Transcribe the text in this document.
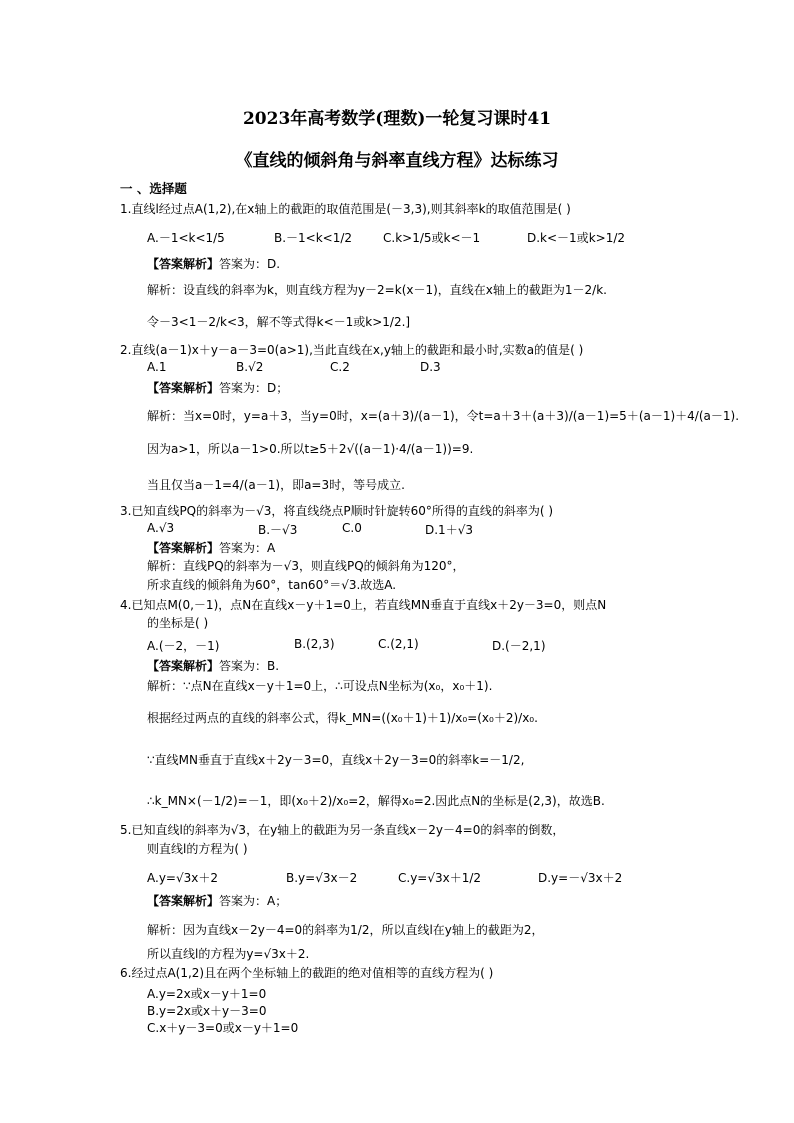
2023年高考数学(理数)一轮复习课时41
《直线的倾斜角与斜率直线方程》达标练习
一 、选择题
1.直线l经过点A(1,2),在x轴上的截距的取值范围是(－3,3),则其斜率k的取值范围是( )
A.－1<k<1/5	B.－1<k<1/2	C.k>1/5或k<－1	D.k<－1或k>1/2
【答案解析】答案为：D.
解析：设直线的斜率为k，则直线方程为y－2=k(x－1)，直线在x轴上的截距为1－2/k.
令－3<1－2/k<3，解不等式得k<－1或k>1/2.]
2.直线(a－1)x＋y－a－3=0(a>1),当此直线在x,y轴上的截距和最小时,实数a的值是( )
A.1	B.√2	C.2	D.3
【答案解析】答案为：D；
解析：当x=0时，y=a＋3，当y=0时，x=(a＋3)/(a－1)，令t=a＋3＋(a＋3)/(a－1)=5＋(a－1)＋4/(a－1).
因为a>1，所以a－1>0.所以t≥5＋2√((a－1)·4/(a－1))=9.
当且仅当a－1=4/(a－1)，即a=3时，等号成立.
3.已知直线PQ的斜率为－√3，将直线绕点P顺时针旋转60°所得的直线的斜率为( )
A.√3	B.－√3	C.0	D.1＋√3
【答案解析】答案为：A
解析：直线PQ的斜率为－√3，则直线PQ的倾斜角为120°，
所求直线的倾斜角为60°，tan60°＝√3.故选A.
4.已知点M(0,－1)，点N在直线x－y＋1=0上，若直线MN垂直于直线x＋2y－3=0，则点N
的坐标是( )
A.(－2，－1)	B.(2,3)	C.(2,1)	D.(－2,1)
【答案解析】答案为：B.
解析：∵点N在直线x－y＋1=0上，∴可设点N坐标为(x₀，x₀＋1).
根据经过两点的直线的斜率公式，得k_MN=((x₀＋1)＋1)/x₀=(x₀＋2)/x₀.
∵直线MN垂直于直线x＋2y－3=0，直线x＋2y－3=0的斜率k=－1/2,
∴k_MN×(－1/2)=－1，即(x₀＋2)/x₀=2，解得x₀=2.因此点N的坐标是(2,3)，故选B.
5.已知直线l的斜率为√3，在y轴上的截距为另一条直线x－2y－4=0的斜率的倒数，
则直线l的方程为( )
A.y=√3x＋2	B.y=√3x－2	C.y=√3x＋1/2	D.y=－√3x＋2
【答案解析】答案为：A；
解析：因为直线x－2y－4=0的斜率为1/2，所以直线l在y轴上的截距为2，
所以直线l的方程为y=√3x＋2.
6.经过点A(1,2)且在两个坐标轴上的截距的绝对值相等的直线方程为( )
A.y=2x或x－y＋1=0
B.y=2x或x＋y－3=0
C.x＋y－3=0或x－y＋1=0
